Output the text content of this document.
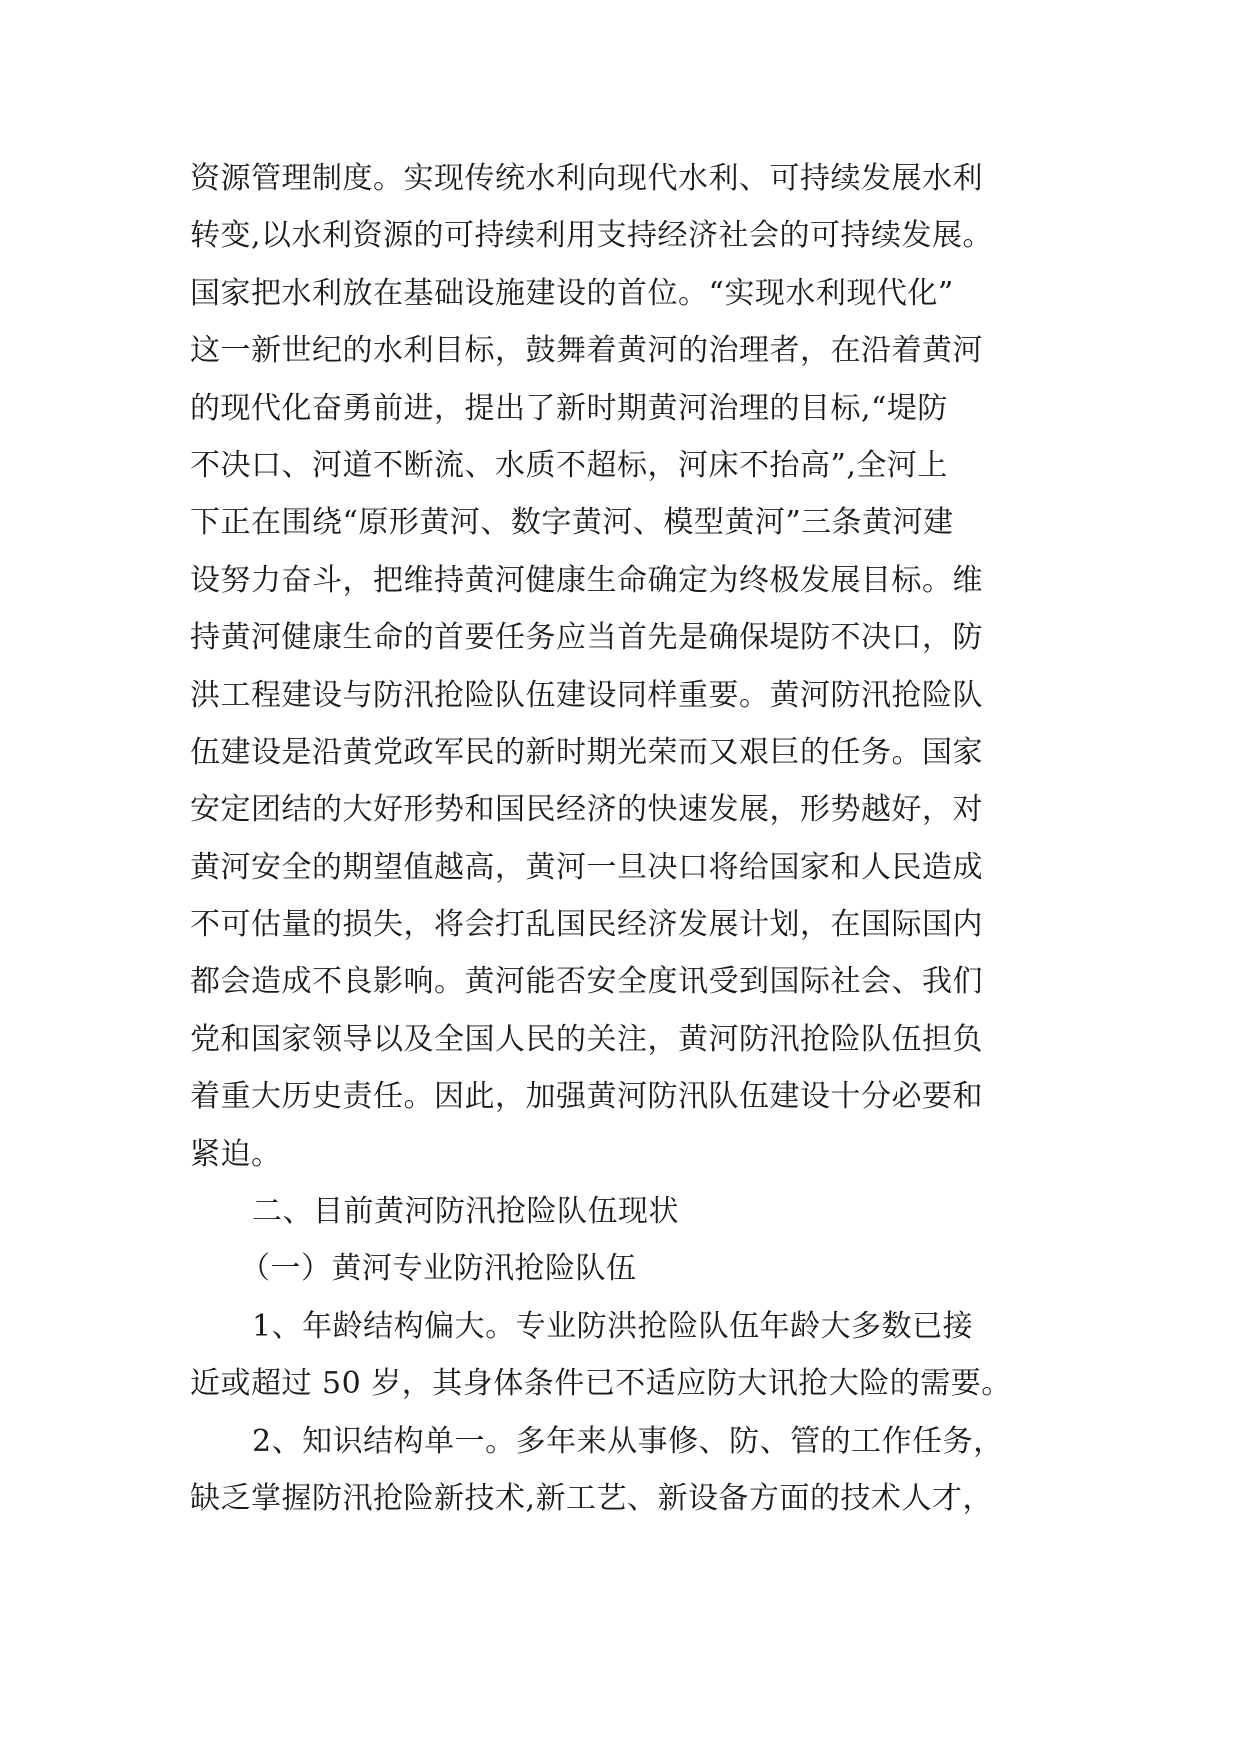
资源管理制度。实现传统水利向现代水利、可持续发展水利
转变,以水利资源的可持续利用支持经济社会的可持续发展。
国家把水利放在基础设施建设的首位。“实现水利现代化”
这一新世纪的水利目标，鼓舞着黄河的治理者，在沿着黄河
的现代化奋勇前进，提出了新时期黄河治理的目标,“堤防
不决口、河道不断流、水质不超标，河床不抬高”,全河上
下正在围绕“原形黄河、数字黄河、模型黄河”三条黄河建
设努力奋斗，把维持黄河健康生命确定为终极发展目标。维
持黄河健康生命的首要任务应当首先是确保堤防不决口，防
洪工程建设与防汛抢险队伍建设同样重要。黄河防汛抢险队
伍建设是沿黄党政军民的新时期光荣而又艰巨的任务。国家
安定团结的大好形势和国民经济的快速发展，形势越好，对
黄河安全的期望值越高，黄河一旦决口将给国家和人民造成
不可估量的损失，将会打乱国民经济发展计划，在国际国内
都会造成不良影响。黄河能否安全度讯受到国际社会、我们
党和国家领导以及全国人民的关注，黄河防汛抢险队伍担负
着重大历史责任。因此，加强黄河防汛队伍建设十分必要和
紧迫。
二、目前黄河防汛抢险队伍现状
（一）黄河专业防汛抢险队伍
1、年龄结构偏大。专业防洪抢险队伍年龄大多数已接
近或超过 50 岁，其身体条件已不适应防大讯抢大险的需要。
2、知识结构单一。多年来从事修、防、管的工作任务，
缺乏掌握防汛抢险新技术,新工艺、新设备方面的技术人才，
